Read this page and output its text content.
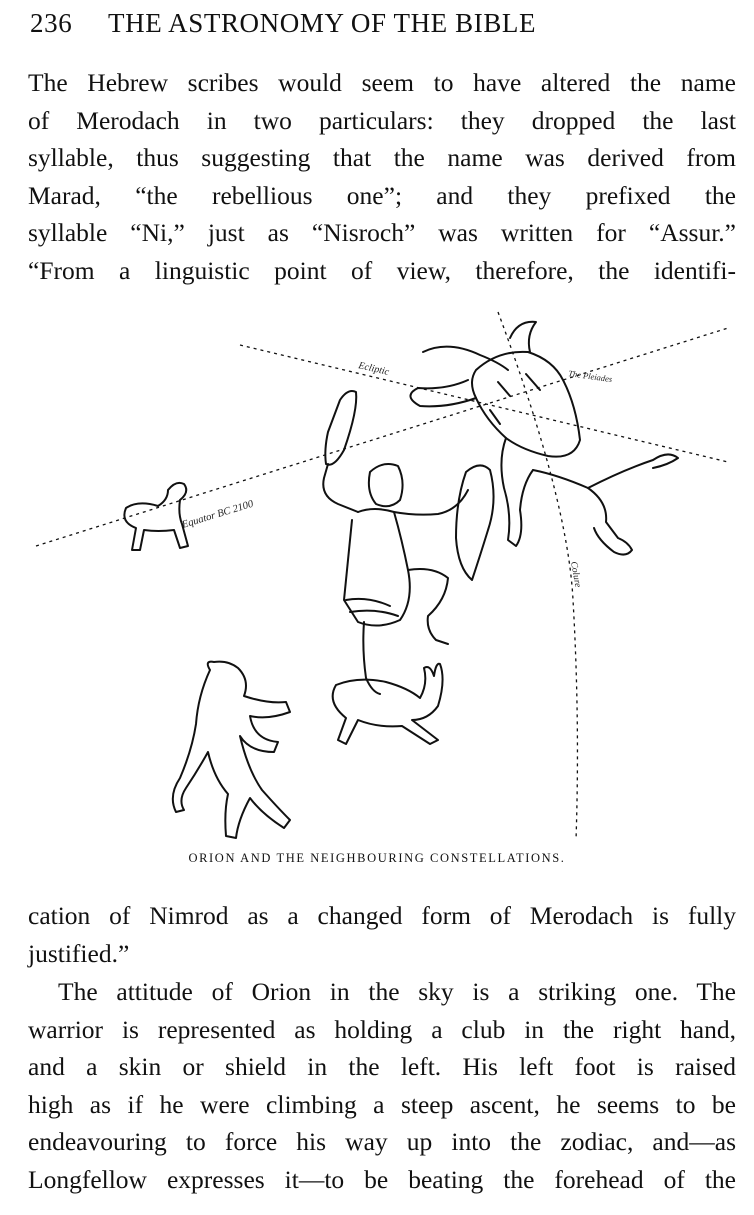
236 THE ASTRONOMY OF THE BIBLE
The Hebrew scribes would seem to have altered the name
of Merodach in two particulars: they dropped the last
syllable, thus suggesting that the name was derived from
Marad, “the rebellious one”; and they prefixed the
syllable “Ni,” just as “Nisroch” was written for “Assur.”
“From a linguistic point of view, therefore, the identifi-
Ecliptic	The Pleiades
Equator BC 2100
Colure
ORION AND THE NEIGHBOURING CONSTELLATIONS.
cation of Nimrod as a changed form of Merodach is fully
justified.”
The attitude of Orion in the sky is a striking one. The
warrior is represented as holding a club in the right hand,
and a skin or shield in the left. His left foot is raised
high as if he were climbing a steep ascent, he seems to be
endeavouring to force his way up into the zodiac, and—as
Longfellow expresses it—to be beating the forehead of the
